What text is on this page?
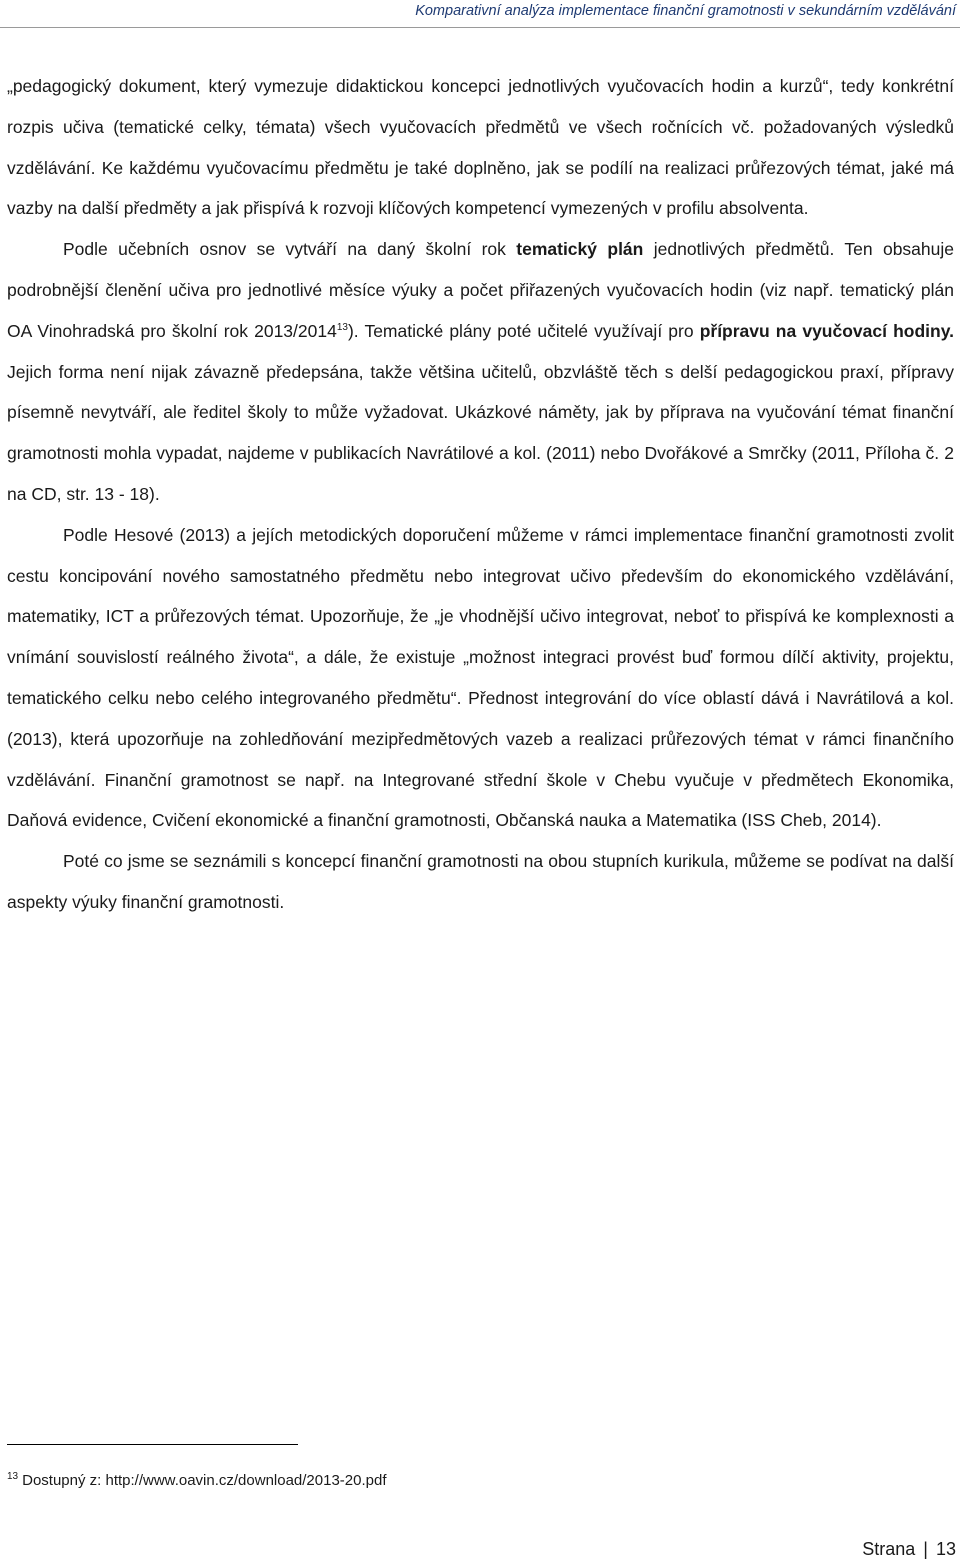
Komparativní analýza implementace finanční gramotnosti v sekundárním vzdělávání

„pedagogický dokument, který vymezuje didaktickou koncepci jednotlivých vyučovacích hodin a kurzů“, tedy konkrétní rozpis učiva (tematické celky, témata) všech vyučovacích předmětů ve všech ročnících vč. požadovaných výsledků vzdělávání. Ke každému vyučovacímu předmětu je také doplněno, jak se podílí na realizaci průřezových témat, jaké má vazby na další předměty a jak přispívá k rozvoji klíčových kompetencí vymezených v profilu absolventa.

Podle učebních osnov se vytváří na daný školní rok tematický plán jednotlivých předmětů. Ten obsahuje podrobnější členění učiva pro jednotlivé měsíce výuky a počet přiřazených vyučovacích hodin (viz např. tematický plán OA Vinohradská pro školní rok 2013/2014$^{13}$). Tematické plány poté učitelé využívají pro přípravu na vyučovací hodiny. Jejich forma není nijak závazně předepsána, takže většina učitelů, obzvláště těch s delší pedagogickou praxí, přípravy písemně nevytváří, ale ředitel školy to může vyžadovat. Ukázkové náměty, jak by příprava na vyučování témat finanční gramotnosti mohla vypadat, najdeme v publikacích Navrátilové a kol. (2011) nebo Dvořákové a Smrčky (2011, Příloha č. 2 na CD, str. 13 - 18).

Podle Hesové (2013) a jejích metodických doporučení můžeme v rámci implementace finanční gramotnosti zvolit cestu koncipování nového samostatného předmětu nebo integrovat učivo především do ekonomického vzdělávání, matematiky, ICT a průřezových témat. Upozorňuje, že „je vhodnější učivo integrovat, neboť to přispívá ke komplexnosti a vnímání souvislostí reálného života“, a dále, že existuje „možnost integraci provést buď formou dílčí aktivity, projektu, tematického celku nebo celého integrovaného předmětu“. Přednost integrování do více oblastí dává i Navrátilová a kol. (2013), která upozorňuje na zohledňování mezipředmětových vazeb a realizaci průřezových témat v rámci finančního vzdělávání. Finanční gramotnost se např. na Integrované střední škole v Chebu vyučuje v předmětech Ekonomika, Daňová evidence, Cvičení ekonomické a finanční gramotnosti, Občanská nauka a Matematika (ISS Cheb, 2014).

Poté co jsme se seznámili s koncepcí finanční gramotnosti na obou stupních kurikula, můžeme se podívat na další aspekty výuky finanční gramotnosti.

$^{13}$ Dostupný z: http://www.oavin.cz/download/2013-20.pdf
Strana | 13
